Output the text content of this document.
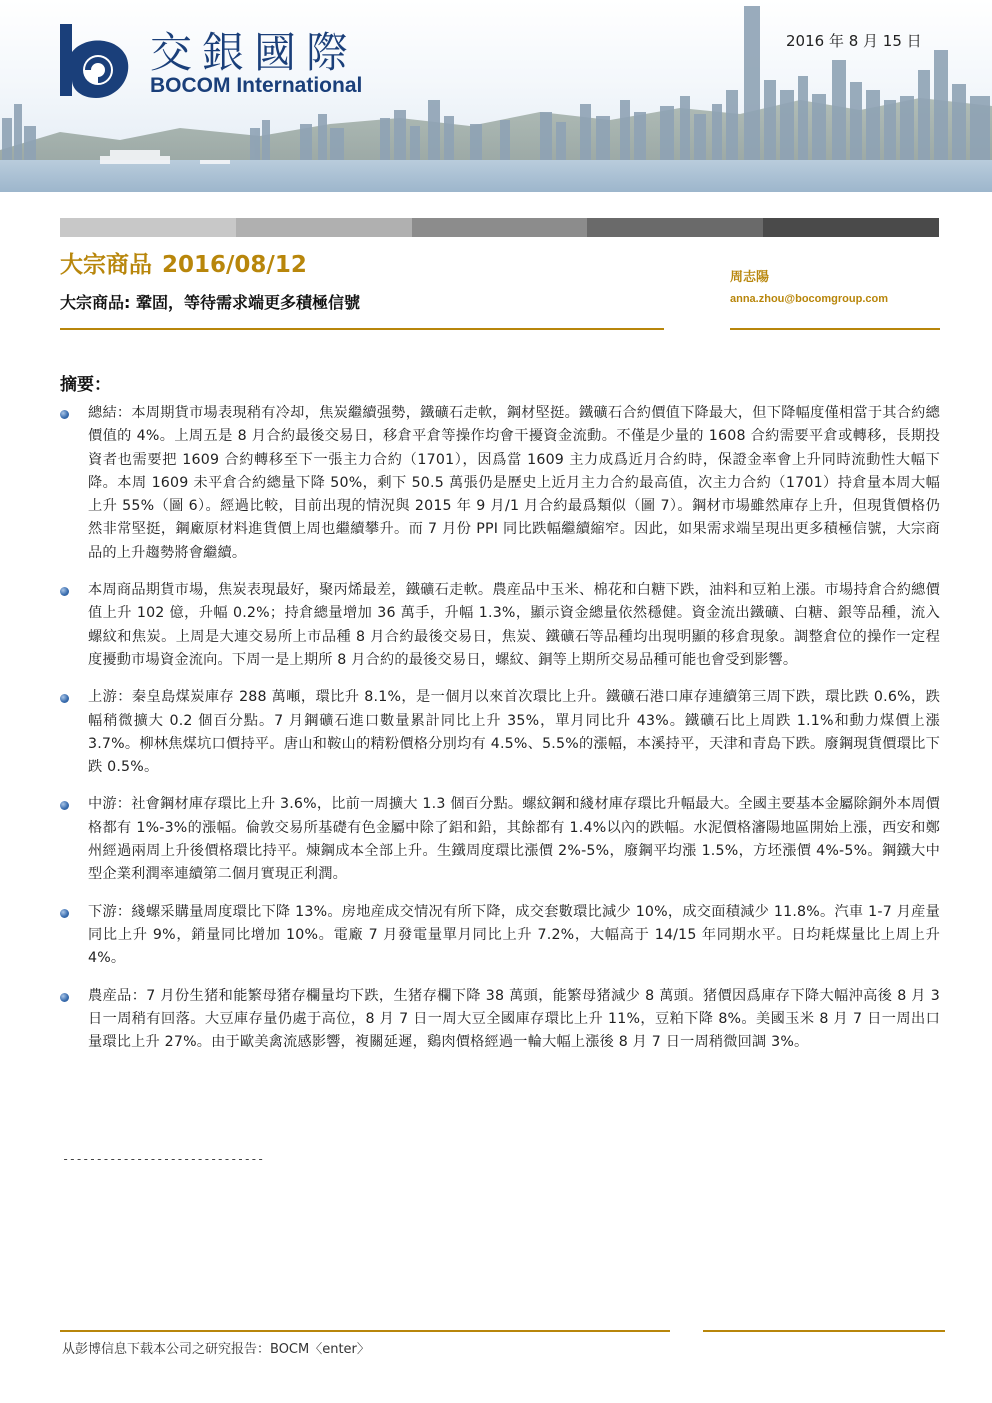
交銀國際
BOCOM International
2016 年 8 月 15 日
大宗商品 2016/08/12
大宗商品: 鞏固，等待需求端更多積極信號
周志陽
anna.zhou@bocomgroup.com
摘要：
總結：本周期貨市場表現稍有冷却，焦炭繼續强勢，鐵礦石走軟，鋼材堅挺。鐵礦石合約價值下降最大，但下降幅度僅相當于其合約總價值的 4%。上周五是 8 月合約最後交易日，移倉平倉等操作均會干擾資金流動。不僅是少量的 1608 合約需要平倉或轉移，長期投資者也需要把 1609 合約轉移至下一張主力合約（1701），因爲當 1609 主力成爲近月合約時，保證金率會上升同時流動性大幅下降。本周 1609 未平倉合約總量下降 50%，剩下 50.5 萬張仍是歷史上近月主力合約最高值，次主力合約（1701）持倉量本周大幅上升 55%（圖 6）。經過比較，目前出現的情況與 2015 年 9 月/1 月合約最爲類似（圖 7）。鋼材市場雖然庫存上升，但現貨價格仍然非常堅挺，鋼廠原材料進貨價上周也繼續攀升。而 7 月份 PPI 同比跌幅繼續縮窄。因此，如果需求端呈現出更多積極信號，大宗商品的上升趨勢將會繼續。
本周商品期貨市場，焦炭表現最好，聚丙烯最差，鐵礦石走軟。農産品中玉米、棉花和白糖下跌，油料和豆粕上漲。市場持倉合約總價值上升 102 億，升幅 0.2%；持倉總量增加 36 萬手，升幅 1.3%，顯示資金總量依然穩健。資金流出鐵礦、白糖、銀等品種，流入螺紋和焦炭。上周是大連交易所上市品種 8 月合約最後交易日，焦炭、鐵礦石等品種均出現明顯的移倉現象。調整倉位的操作一定程度擾動市場資金流向。下周一是上期所 8 月合約的最後交易日，螺紋、銅等上期所交易品種可能也會受到影響。
上游：秦皇島煤炭庫存 288 萬噸，環比升 8.1%，是一個月以來首次環比上升。鐵礦石港口庫存連續第三周下跌，環比跌 0.6%，跌幅稍微擴大 0.2 個百分點。7 月鋼礦石進口數量累計同比上升 35%，單月同比升 43%。鐵礦石比上周跌 1.1%和動力煤價上漲 3.7%。柳林焦煤坑口價持平。唐山和鞍山的精粉價格分別均有 4.5%、5.5%的漲幅，本溪持平，天津和青島下跌。廢鋼現貨價環比下跌 0.5%。
中游：社會鋼材庫存環比上升 3.6%，比前一周擴大 1.3 個百分點。螺紋鋼和綫材庫存環比升幅最大。全國主要基本金屬除銅外本周價格都有 1%-3%的漲幅。倫敦交易所基礎有色金屬中除了鋁和鉛，其餘都有 1.4%以內的跌幅。水泥價格瀋陽地區開始上漲，西安和鄭州經過兩周上升後價格環比持平。煉鋼成本全部上升。生鐵周度環比漲價 2%-5%，廢鋼平均漲 1.5%，方坯漲價 4%-5%。鋼鐵大中型企業利潤率連續第二個月實現正利潤。
下游：綫螺采購量周度環比下降 13%。房地産成交情况有所下降，成交套數環比減少 10%，成交面積減少 11.8%。汽車 1-7 月産量同比上升 9%，銷量同比增加 10%。電廠 7 月發電量單月同比上升 7.2%，大幅高于 14/15 年同期水平。日均耗煤量比上周上升 4%。
農産品：7 月份生猪和能繁母猪存欄量均下跌，生猪存欄下降 38 萬頭，能繁母猪減少 8 萬頭。猪價因爲庫存下降大幅沖高後 8 月 3 日一周稍有回落。大豆庫存量仍處于高位，8 月 7 日一周大豆全國庫存環比上升 11%，豆粕下降 8%。美國玉米 8 月 7 日一周出口量環比上升 27%。由于歐美禽流感影響，複關延遲，鷄肉價格經過一輪大幅上漲後 8 月 7 日一周稍微回調 3%。
------------------------------
从彭博信息下载本公司之研究报告：BOCM〈enter〉
